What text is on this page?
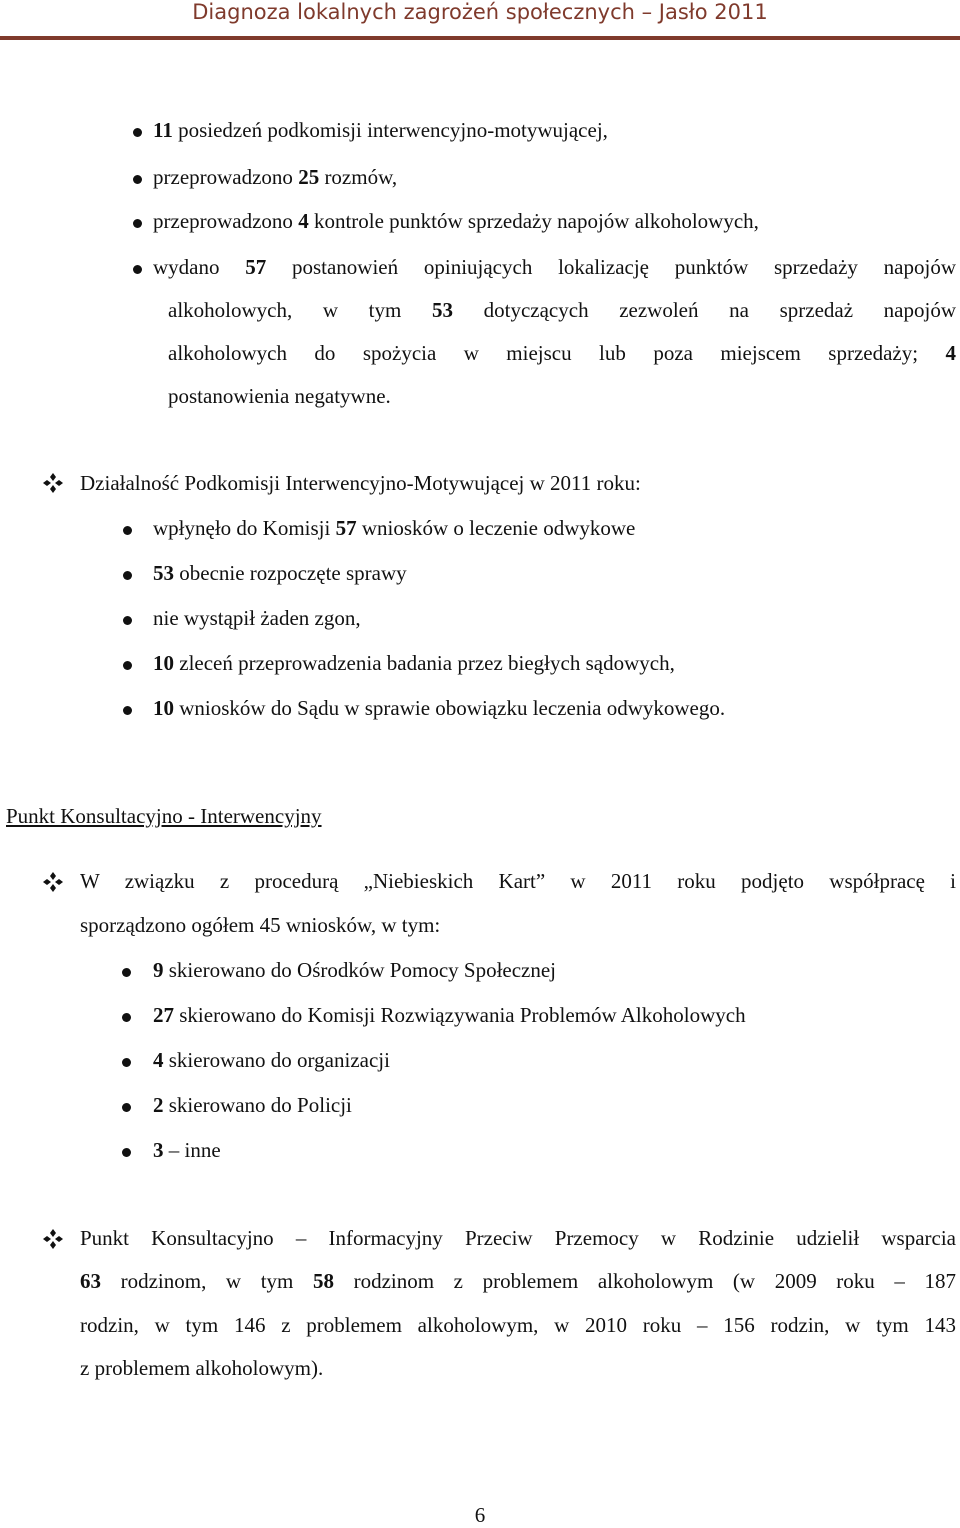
Diagnoza lokalnych zagrożeń społecznych – Jasło 2011
11 posiedzeń podkomisji interwencyjno-motywującej,
przeprowadzono 25 rozmów,
przeprowadzono 4 kontrole punktów sprzedaży napojów alkoholowych,
wydano 57 postanowień opiniujących lokalizację punktów sprzedaży napojów
alkoholowych, w tym 53 dotyczących zezwoleń na sprzedaż napojów
alkoholowych do spożycia w miejscu lub poza miejscem sprzedaży; 4
postanowienia negatywne.
Działalność Podkomisji Interwencyjno-Motywującej w 2011 roku:
wpłynęło do Komisji 57 wniosków o leczenie odwykowe
53 obecnie rozpoczęte sprawy
nie wystąpił żaden zgon,
10 zleceń przeprowadzenia badania przez biegłych sądowych,
10 wniosków do Sądu w sprawie obowiązku leczenia odwykowego.
Punkt Konsultacyjno - Interwencyjny
W związku z procedurą „Niebieskich Kart” w 2011 roku podjęto współpracę i
sporządzono ogółem 45 wniosków, w tym:
9 skierowano do Ośrodków Pomocy Społecznej
27 skierowano do Komisji Rozwiązywania Problemów Alkoholowych
4 skierowano do organizacji
2 skierowano do Policji
3 – inne
Punkt Konsultacyjno – Informacyjny Przeciw Przemocy w Rodzinie udzielił wsparcia
63 rodzinom, w tym 58 rodzinom z problemem alkoholowym (w 2009 roku – 187
rodzin, w tym 146 z problemem alkoholowym, w 2010 roku – 156 rodzin, w tym 143
z problemem alkoholowym).
6
